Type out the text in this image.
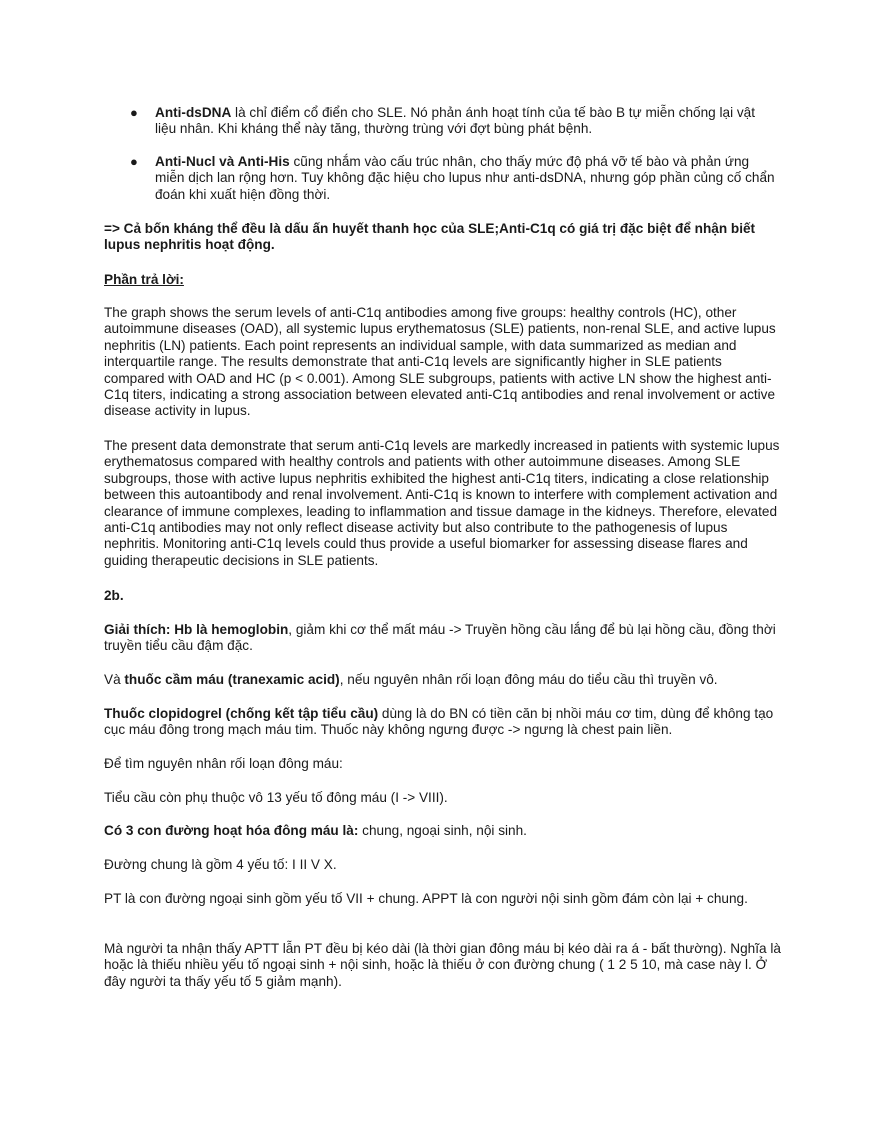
● Anti-dsDNA là chỉ điểm cổ điển cho SLE. Nó phản ánh hoạt tính của tế bào B tự miễn chống lại vật liệu nhân. Khi kháng thể này tăng, thường trùng với đợt bùng phát bệnh.

● Anti-Nucl và Anti-His cũng nhắm vào cấu trúc nhân, cho thấy mức độ phá vỡ tế bào và phản ứng miễn dịch lan rộng hơn. Tuy không đặc hiệu cho lupus như anti-dsDNA, nhưng góp phần củng cố chẩn đoán khi xuất hiện đồng thời.

=> Cả bốn kháng thể đều là dấu ấn huyết thanh học của SLE;Anti-C1q có giá trị đặc biệt để nhận biết lupus nephritis hoạt động.

Phần trả lời:

The graph shows the serum levels of anti-C1q antibodies among five groups: healthy controls (HC), other autoimmune diseases (OAD), all systemic lupus erythematosus (SLE) patients, non-renal SLE, and active lupus nephritis (LN) patients. Each point represents an individual sample, with data summarized as median and interquartile range. The results demonstrate that anti-C1q levels are significantly higher in SLE patients compared with OAD and HC (p < 0.001). Among SLE subgroups, patients with active LN show the highest anti-C1q titers, indicating a strong association between elevated anti-C1q antibodies and renal involvement or active disease activity in lupus.

The present data demonstrate that serum anti-C1q levels are markedly increased in patients with systemic lupus erythematosus compared with healthy controls and patients with other autoimmune diseases. Among SLE subgroups, those with active lupus nephritis exhibited the highest anti-C1q titers, indicating a close relationship between this autoantibody and renal involvement. Anti-C1q is known to interfere with complement activation and clearance of immune complexes, leading to inflammation and tissue damage in the kidneys. Therefore, elevated anti-C1q antibodies may not only reflect disease activity but also contribute to the pathogenesis of lupus nephritis. Monitoring anti-C1q levels could thus provide a useful biomarker for assessing disease flares and guiding therapeutic decisions in SLE patients.

2b.

Giải thích: Hb là hemoglobin, giảm khi cơ thể mất máu -> Truyền hồng cầu lắng để bù lại hồng cầu, đồng thời truyền tiểu cầu đậm đặc.

Và thuốc cầm máu (tranexamic acid), nếu nguyên nhân rối loạn đông máu do tiểu cầu thì truyền vô.

Thuốc clopidogrel (chống kết tập tiểu cầu) dùng là do BN có tiền căn bị nhồi máu cơ tim, dùng để không tạo cục máu đông trong mạch máu tim. Thuốc này không ngưng được -> ngưng là chest pain liền.

Để tìm nguyên nhân rối loạn đông máu:

Tiểu cầu còn phụ thuộc vô 13 yếu tố đông máu (I -> VIII).

Có 3 con đường hoạt hóa đông máu là: chung, ngoại sinh, nội sinh.

Đường chung là gồm 4 yếu tố: I II V X.

PT là con đường ngoại sinh gồm yếu tố VII + chung. APPT là con người nội sinh gồm đám còn lại + chung.

Mà người ta nhận thấy APTT lẫn PT đều bị kéo dài (là thời gian đông máu bị kéo dài ra á - bất thường). Nghĩa là hoặc là thiếu nhiều yếu tố ngoại sinh + nội sinh, hoặc là thiếu ở con đường chung ( 1 2 5 10, mà case này l. Ở đây người ta thấy yếu tố 5 giảm mạnh).
